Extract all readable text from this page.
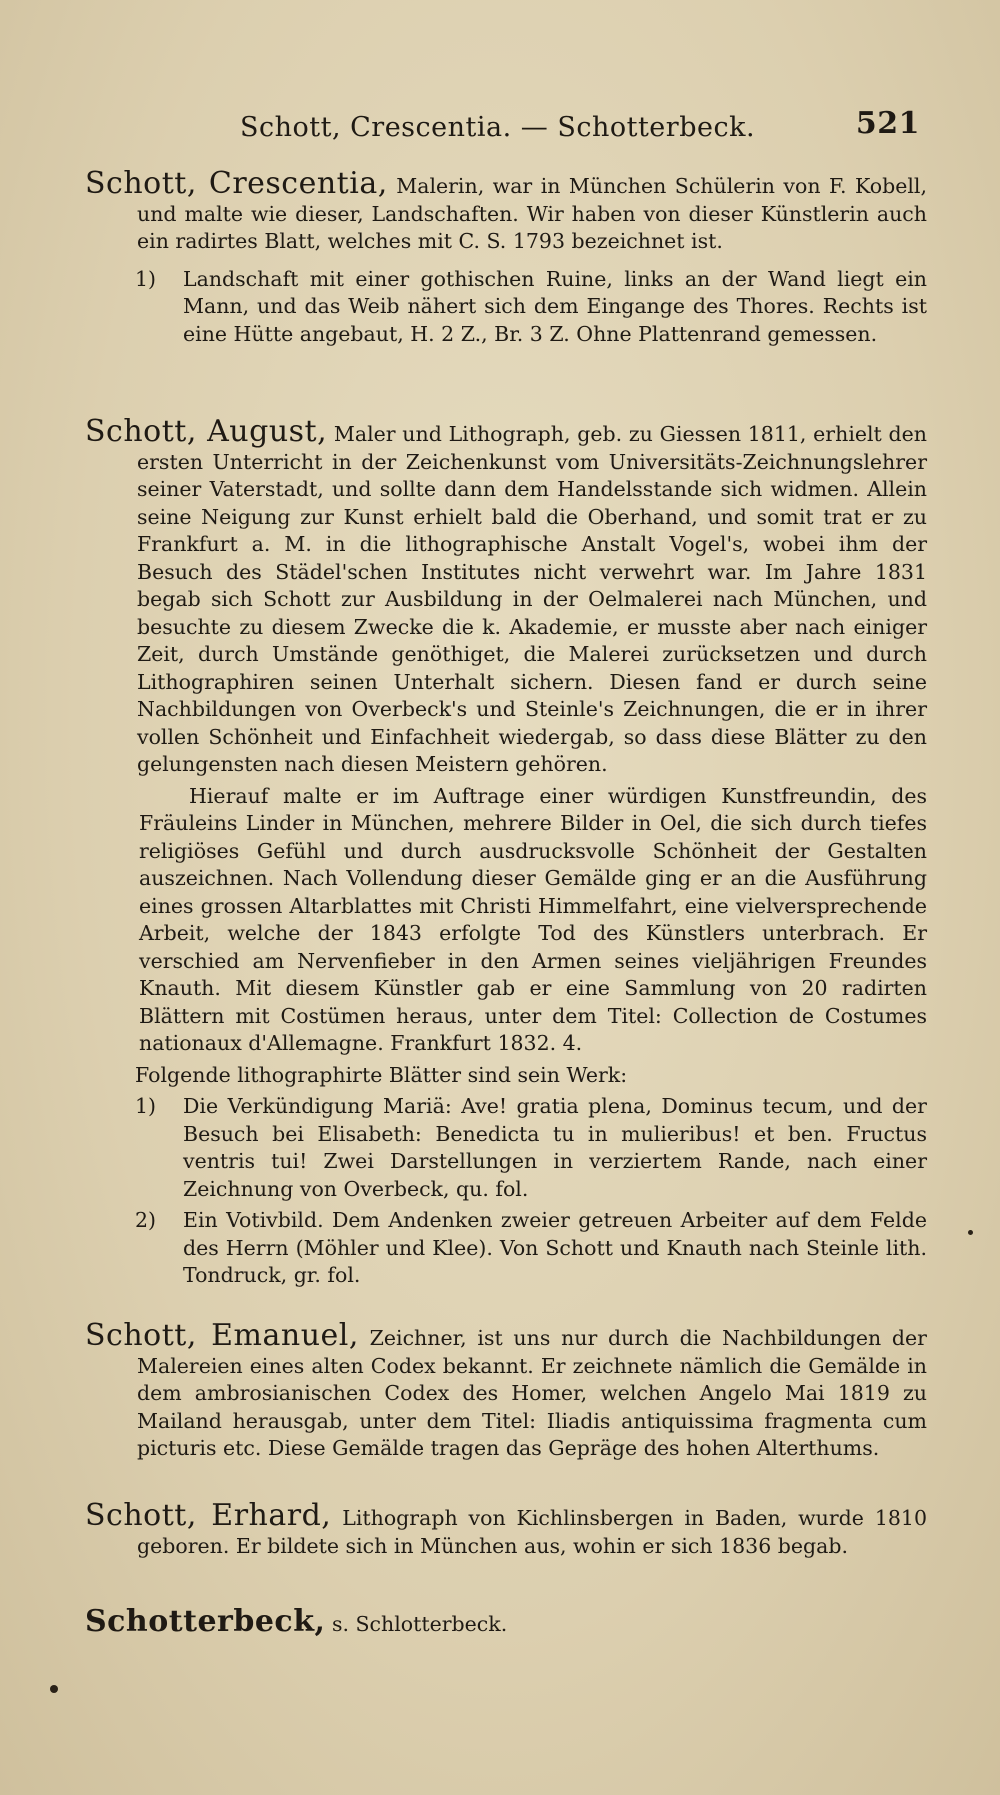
Schott, Crescentia. — Schotterbeck.	521

Schott, Crescentia, Malerin, war in München Schülerin von F. Kobell, und malte wie dieser, Landschaften. Wir haben von dieser Künstlerin auch ein radirtes Blatt, welches mit C. S. 1793 bezeichnet ist.

1)	Landschaft mit einer gothischen Ruine, links an der Wand liegt ein Mann, und das Weib nähert sich dem Eingange des Thores. Rechts ist eine Hütte angebaut, H. 2 Z., Br. 3 Z. Ohne Plattenrand gemessen.

Schott, August, Maler und Lithograph, geb. zu Giessen 1811, erhielt den ersten Unterricht in der Zeichenkunst vom Universitäts-Zeichnungslehrer seiner Vaterstadt, und sollte dann dem Handelsstande sich widmen. Allein seine Neigung zur Kunst erhielt bald die Oberhand, und somit trat er zu Frankfurt a. M. in die lithographische Anstalt Vogel's, wobei ihm der Besuch des Städel'schen Institutes nicht verwehrt war. Im Jahre 1831 begab sich Schott zur Ausbildung in der Oelmalerei nach München, und besuchte zu diesem Zwecke die k. Akademie, er musste aber nach einiger Zeit, durch Umstände genöthiget, die Malerei zurücksetzen und durch Lithographiren seinen Unterhalt sichern. Diesen fand er durch seine Nachbildungen von Overbeck's und Steinle's Zeichnungen, die er in ihrer vollen Schönheit und Einfachheit wiedergab, so dass diese Blätter zu den gelungensten nach diesen Meistern gehören.

Hierauf malte er im Auftrage einer würdigen Kunstfreundin, des Fräuleins Linder in München, mehrere Bilder in Oel, die sich durch tiefes religiöses Gefühl und durch ausdrucksvolle Schönheit der Gestalten auszeichnen. Nach Vollendung dieser Gemälde ging er an die Ausführung eines grossen Altarblattes mit Christi Himmelfahrt, eine vielversprechende Arbeit, welche der 1843 erfolgte Tod des Künstlers unterbrach. Er verschied am Nervenfieber in den Armen seines vieljährigen Freundes Knauth. Mit diesem Künstler gab er eine Sammlung von 20 radirten Blättern mit Costümen heraus, unter dem Titel: Collection de Costumes nationaux d'Allemagne. Frankfurt 1832. 4.

Folgende lithographirte Blätter sind sein Werk:

1)	Die Verkündigung Mariä: Ave! gratia plena, Dominus tecum, und der Besuch bei Elisabeth: Benedicta tu in mulieribus! et ben. Fructus ventris tui! Zwei Darstellungen in verziertem Rande, nach einer Zeichnung von Overbeck, qu. fol.
2)	Ein Votivbild. Dem Andenken zweier getreuen Arbeiter auf dem Felde des Herrn (Möhler und Klee). Von Schott und Knauth nach Steinle lith. Tondruck, gr. fol.

Schott, Emanuel, Zeichner, ist uns nur durch die Nachbildungen der Malereien eines alten Codex bekannt. Er zeichnete nämlich die Gemälde in dem ambrosianischen Codex des Homer, welchen Angelo Mai 1819 zu Mailand herausgab, unter dem Titel: Iliadis antiquissima fragmenta cum picturis etc. Diese Gemälde tragen das Gepräge des hohen Alterthums.

Schott, Erhard, Lithograph von Kichlinsbergen in Baden, wurde 1810 geboren. Er bildete sich in München aus, wohin er sich 1836 begab.

Schotterbeck, s. Schlotterbeck.
